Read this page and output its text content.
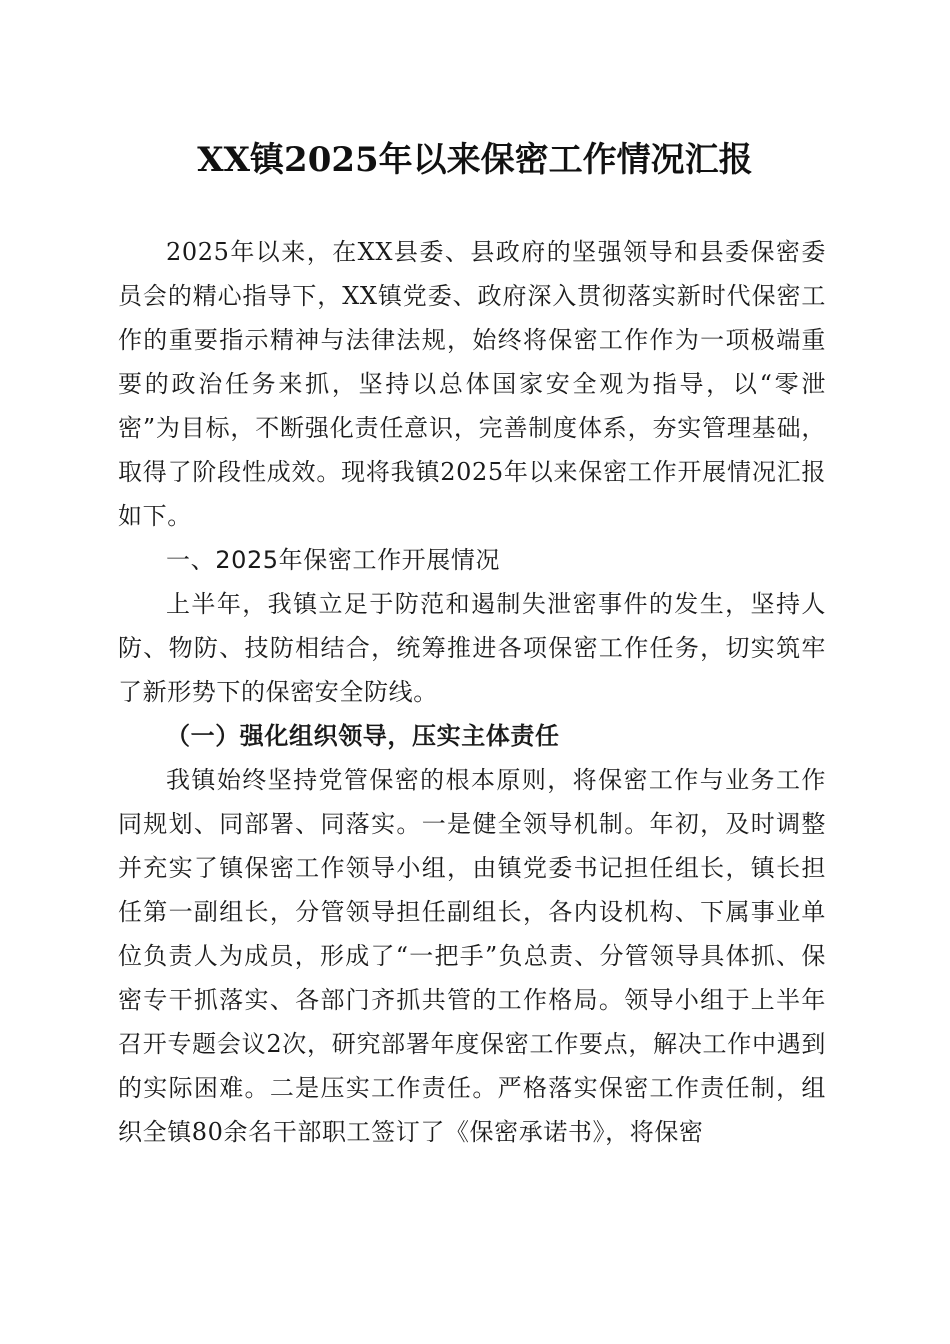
XX镇2025年以来保密工作情况汇报

2025年以来，在XX县委、县政府的坚强领导和县委保密委员会的精心指导下，XX镇党委、政府深入贯彻落实新时代保密工作的重要指示精神与法律法规，始终将保密工作作为一项极端重要的政治任务来抓，坚持以总体国家安全观为指导，以“零泄密”为目标，不断强化责任意识，完善制度体系，夯实管理基础，取得了阶段性成效。现将我镇2025年以来保密工作开展情况汇报如下。

一、2025年保密工作开展情况

上半年，我镇立足于防范和遏制失泄密事件的发生，坚持人防、物防、技防相结合，统筹推进各项保密工作任务，切实筑牢了新形势下的保密安全防线。

（一）强化组织领导，压实主体责任

我镇始终坚持党管保密的根本原则，将保密工作与业务工作同规划、同部署、同落实。一是健全领导机制。年初，及时调整并充实了镇保密工作领导小组，由镇党委书记担任组长，镇长担任第一副组长，分管领导担任副组长，各内设机构、下属事业单位负责人为成员，形成了“一把手”负总责、分管领导具体抓、保密专干抓落实、各部门齐抓共管的工作格局。领导小组于上半年召开专题会议2次，研究部署年度保密工作要点，解决工作中遇到的实际困难。二是压实工作责任。严格落实保密工作责任制，组织全镇80余名干部职工签订了《保密承诺书》，将保密
